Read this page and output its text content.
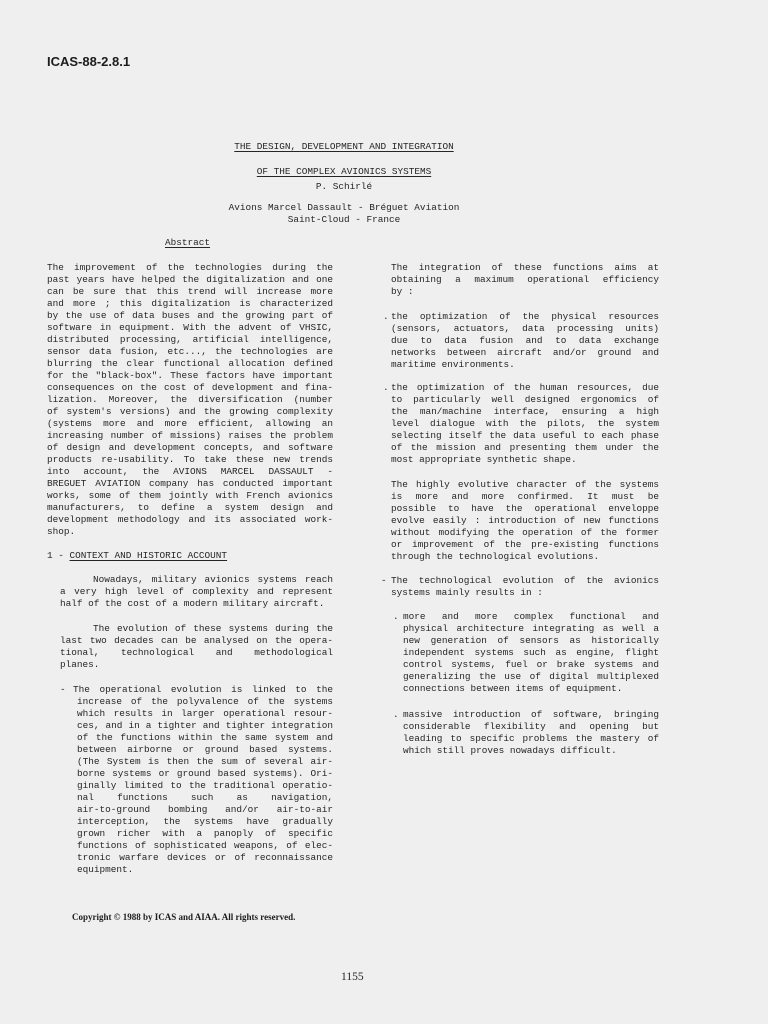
ICAS-88-2.8.1
THE DESIGN, DEVELOPMENT AND INTEGRATION
OF THE COMPLEX AVIONICS SYSTEMS
P. Schirlé
Avions Marcel Dassault - Bréguet Aviation
Saint-Cloud - France
Abstract
The improvement of the technologies during the
past years have helped the digitalization and one
can be sure that this trend will increase more
and more ; this digitalization is characterized
by the use of data buses and the growing part of
software in equipment. With the advent of VHSIC,
distributed processing, artificial intelligence,
sensor data fusion, etc..., the technologies are
blurring the clear functional allocation defined
for the "black-box". These factors have important
consequences on the cost of development and fina-
lization. Moreover, the diversification (number
of system's versions) and the growing complexity
(systems more and more efficient, allowing an
increasing number of missions) raises the problem
of design and development concepts, and software
products re-usability. To take these new trends
into account, the AVIONS MARCEL DASSAULT -
BREGUET AVIATION company has conducted important
works, some of them jointly with French avionics
manufacturers, to define a system design and
development methodology and its associated work-
shop.
1 - CONTEXT AND HISTORIC ACCOUNT
Nowadays, military avionics systems reach
a very high level of complexity and represent
half of the cost of a modern military aircraft.
The evolution of these systems during the
last two decades can be analysed on the opera-
tional, technological and methodological
planes.
- The operational evolution is linked to the
increase of the polyvalence of the systems
which results in larger operational resour-
ces, and in a tighter and tighter integration
of the functions within the same system and
between airborne or ground based systems.
(The System is then the sum of several air-
borne systems or ground based systems). Ori-
ginally limited to the traditional operatio-
nal functions such as navigation,
air-to-ground bombing and/or air-to-air
interception, the systems have gradually
grown richer with a panoply of specific
functions of sophisticated weapons, of elec-
tronic warfare devices or of reconnaissance
equipment.
The integration of these functions aims at
obtaining a maximum operational efficiency
by :
. the optimization of the physical resources
(sensors, actuators, data processing units)
due to data fusion and to data exchange
networks between aircraft and/or ground and
maritime environments.
. the optimization of the human resources, due
to particularly well designed ergonomics of
the man/machine interface, ensuring a high
level dialogue with the pilots, the system
selecting itself the data useful to each phase
of the mission and presenting them under the
most appropriate synthetic shape.
The highly evolutive character of the systems
is more and more confirmed. It must be
possible to have the operational enveloppe
evolve easily : introduction of new functions
without modifying the operation of the former
or improvement of the pre-existing functions
through the technological evolutions.
- The technological evolution of the avionics
systems mainly results in :
. more and more complex functional and
physical architecture integrating as well a
new generation of sensors as historically
independent systems such as engine, flight
control systems, fuel or brake systems and
generalizing the use of digital multiplexed
connections between items of equipment.
. massive introduction of software, bringing
considerable flexibility and opening but
leading to specific problems the mastery of
which still proves nowadays difficult.
Copyright © 1988 by ICAS and AIAA. All rights reserved.
1155
